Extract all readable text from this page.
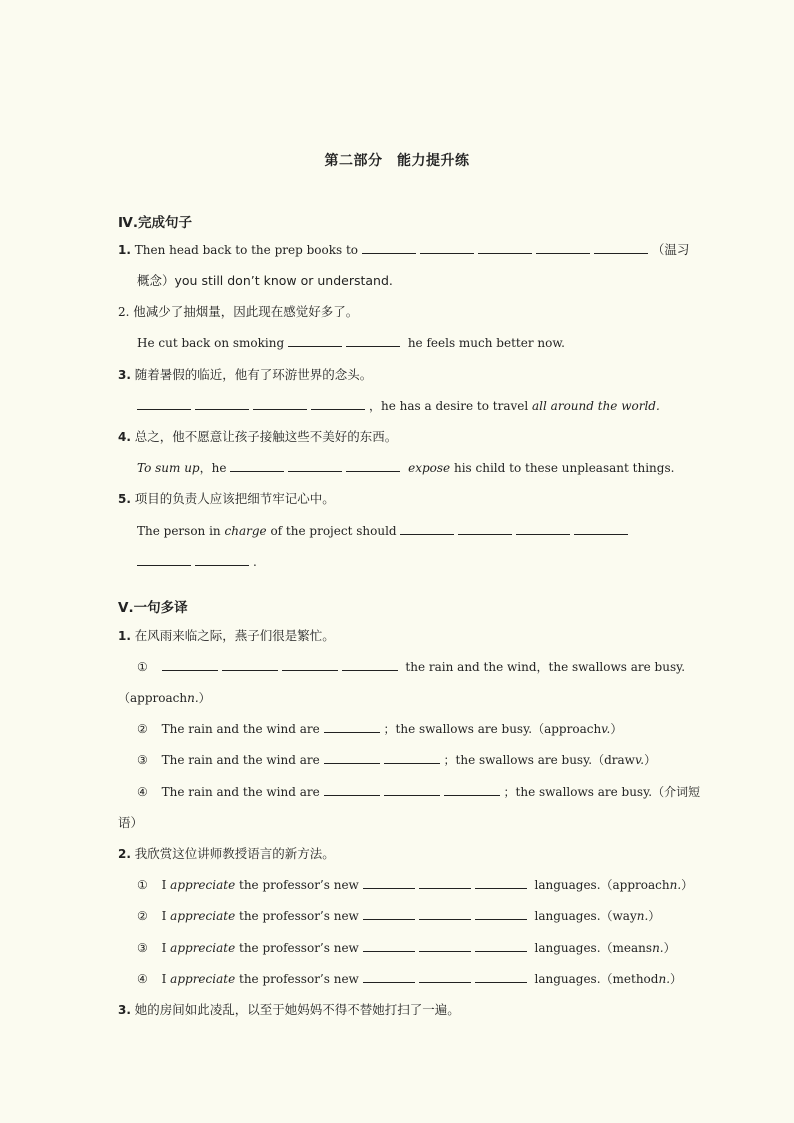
第二部分　能力提升练
Ⅳ.完成句子
1. Then head back to the prep books to	（温习
概念）you still don’t know or understand.
2. 他减少了抽烟量，因此现在感觉好多了。
He cut back on smoking	he feels much better now.
3. 随着暑假的临近，他有了环游世界的念头。
，he has a desire to travel all around the world.
4. 总之，他不愿意让孩子接触这些不美好的东西。
To sum up，he	expose his child to these unpleasant things.
5. 项目的负责人应该把细节牢记心中。
The person in charge of the project should
.
Ⅴ.一句多译
1. 在风雨来临之际，燕子们很是繁忙。
①	the rain and the wind，the swallows are busy.
（approachn.）
② The rain and the wind are	；the swallows are busy.（approachv.）
③ The rain and the wind are	；the swallows are busy.（drawv.）
④ The rain and the wind are	；the swallows are busy.（介词短
语）
2. 我欣赏这位讲师教授语言的新方法。
① I appreciate the professor’s new	languages.（approachn.）
② I appreciate the professor’s new	languages.（wayn.）
③ I appreciate the professor’s new	languages.（meansn.）
④ I appreciate the professor’s new	languages.（methodn.）
3. 她的房间如此凌乱，以至于她妈妈不得不替她打扫了一遍。
